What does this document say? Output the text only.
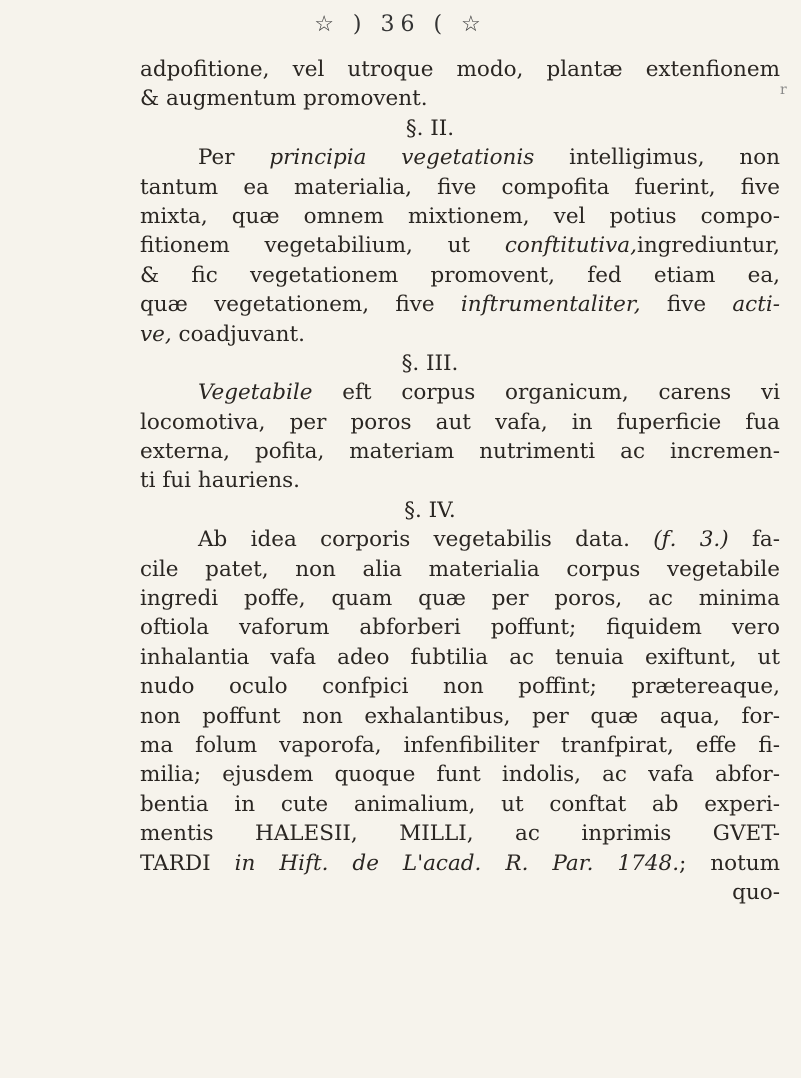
☆ ) 36 ( ☆
adpofitione, vel utroque modo, plantæ extenfionem
& augmentum promovent.
§. II.
Per principia vegetationis intelligimus, non
tantum ea materialia, five compofita fuerint, five
mixta, quæ omnem mixtionem, vel potius compo-
fitionem vegetabilium, ut conftitutiva,ingrediuntur,
& fic vegetationem promovent, fed etiam ea,
quæ vegetationem, five inftrumentaliter, five acti-
ve, coadjuvant.
§. III.
Vegetabile eft corpus organicum, carens vi
locomotiva, per poros aut vafa, in fuperficie fua
externa, pofita, materiam nutrimenti ac incremen-
ti fui hauriens.
§. IV.
Ab idea corporis vegetabilis data. (ƒ. 3.) fa-
cile patet, non alia materialia corpus vegetabile
ingredi poffe, quam quæ per poros, ac minima
oftiola vaforum abforberi poffunt; fiquidem vero
inhalantia vafa adeo fubtilia ac tenuia exiftunt, ut
nudo oculo confpici non poffint; prætereaque,
non poffunt non exhalantibus, per quæ aqua, for-
ma folum vaporofa, infenfibiliter tranfpirat, effe fi-
milia; ejusdem quoque funt indolis, ac vafa abfor-
bentia in cute animalium, ut conftat ab experi-
mentis HALESII, MILLI, ac inprimis GVET-
TARDI in Hift. de L'acad. R. Par. 1748.; notum
quo-
r
